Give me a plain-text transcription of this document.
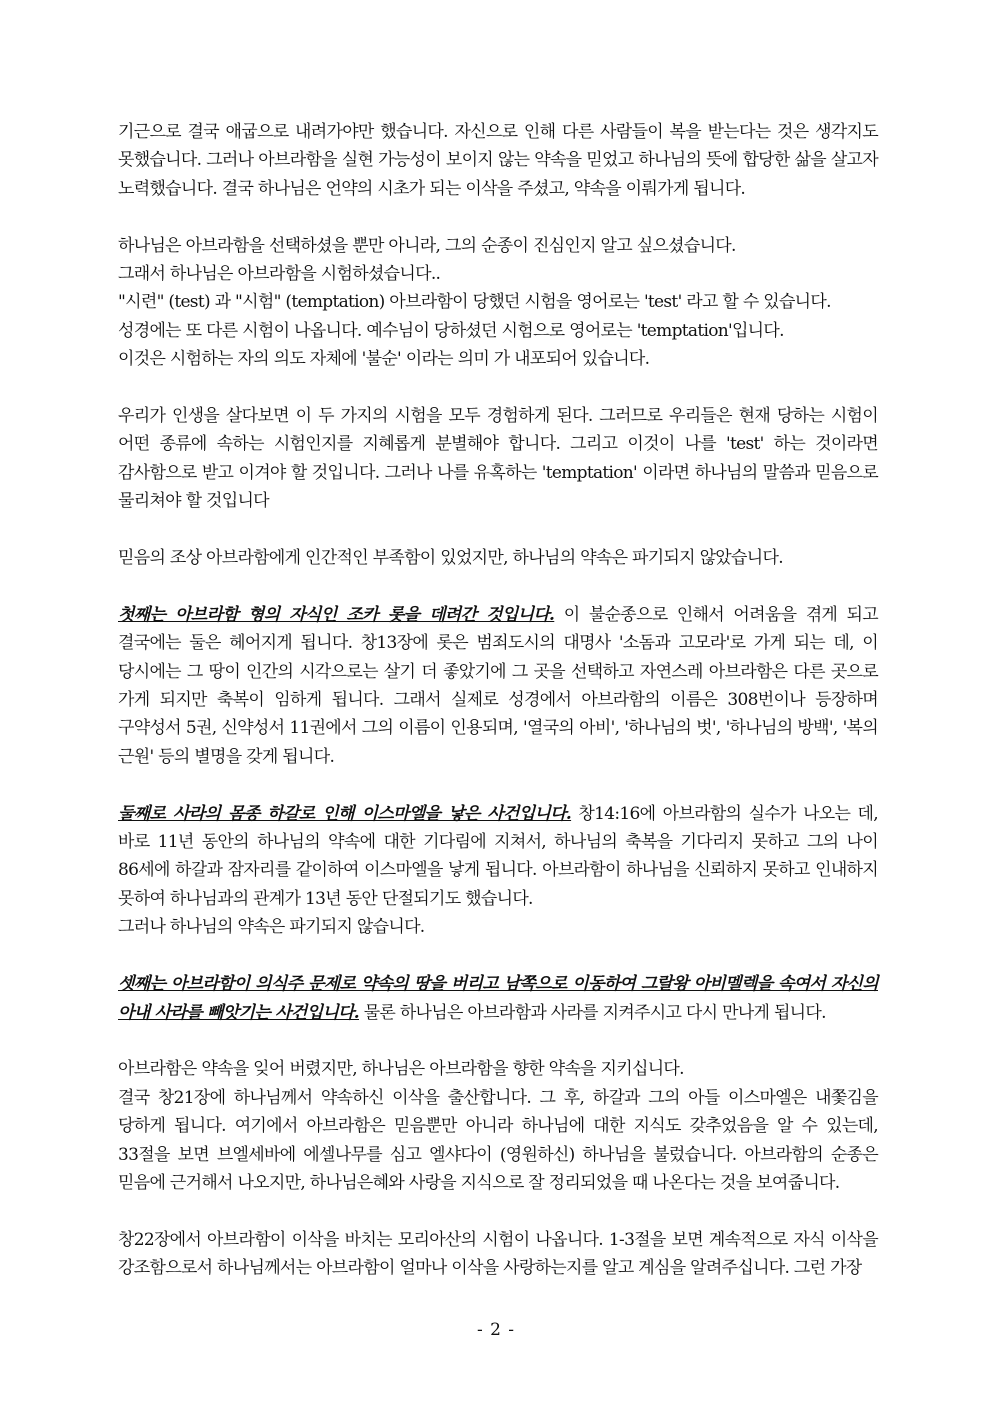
기근으로 결국 애굽으로 내려가야만 했습니다. 자신으로 인해 다른 사람들이 복을 받는다는 것은 생각지도 못했습니다. 그러나 아브라함을 실현 가능성이 보이지 않는 약속을 믿었고 하나님의 뜻에 합당한 삶을 살고자 노력했습니다. 결국 하나님은 언약의 시초가 되는 이삭을 주셨고, 약속을 이뤄가게 됩니다.

하나님은 아브라함을 선택하셨을 뿐만 아니라, 그의 순종이 진심인지 알고 싶으셨습니다.
그래서 하나님은 아브라함을 시험하셨습니다..
"시련" (test) 과 "시험" (temptation) 아브라함이 당했던 시험을 영어로는 'test' 라고 할 수 있습니다.
성경에는 또 다른 시험이 나옵니다. 예수님이 당하셨던 시험으로 영어로는 'temptation'입니다.
이것은 시험하는 자의 의도 자체에 '불순' 이라는 의미 가 내포되어 있습니다.

우리가 인생을 살다보면 이 두 가지의 시험을 모두 경험하게 된다. 그러므로 우리들은 현재 당하는 시험이 어떤 종류에 속하는 시험인지를 지혜롭게 분별해야 합니다. 그리고 이것이 나를 'test' 하는 것이라면 감사함으로 받고 이겨야 할 것입니다. 그러나 나를 유혹하는 'temptation' 이라면 하나님의 말씀과 믿음으로 물리쳐야 할 것입니다

믿음의 조상 아브라함에게 인간적인 부족함이 있었지만, 하나님의 약속은 파기되지 않았습니다.

첫째는 아브라함 형의 자식인 조카 롯을 데려간 것입니다. 이 불순종으로 인해서 어려움을 겪게 되고 결국에는 둘은 헤어지게 됩니다. 창13장에 롯은 범죄도시의 대명사 '소돔과 고모라'로 가게 되는 데, 이 당시에는 그 땅이 인간의 시각으로는 살기 더 좋았기에 그 곳을 선택하고 자연스레 아브라함은 다른 곳으로 가게 되지만 축복이 임하게 됩니다. 그래서 실제로 성경에서 아브라함의 이름은 308번이나 등장하며 구약성서 5권, 신약성서 11권에서 그의 이름이 인용되며, '열국의 아비', '하나님의 벗', '하나님의 방백', '복의 근원' 등의 별명을 갖게 됩니다.

둘째로 사라의 몸종 하갈로 인해 이스마엘을 낳은 사건입니다. 창14:16에 아브라함의 실수가 나오는 데, 바로 11년 동안의 하나님의 약속에 대한 기다림에 지쳐서, 하나님의 축복을 기다리지 못하고 그의 나이 86세에 하갈과 잠자리를 같이하여 이스마엘을 낳게 됩니다. 아브라함이 하나님을 신뢰하지 못하고 인내하지 못하여 하나님과의 관계가 13년 동안 단절되기도 했습니다.
그러나 하나님의 약속은 파기되지 않습니다.

셋째는 아브라함이 의식주 문제로 약속의 땅을 버리고 남쪽으로 이동하여 그랄왕 아비멜렉을 속여서 자신의 아내 사라를 빼앗기는 사건입니다. 물론 하나님은 아브라함과 사라를 지켜주시고 다시 만나게 됩니다.

아브라함은 약속을 잊어 버렸지만, 하나님은 아브라함을 향한 약속을 지키십니다.
결국 창21장에 하나님께서 약속하신 이삭을 출산합니다. 그 후, 하갈과 그의 아들 이스마엘은 내쫓김을 당하게 됩니다. 여기에서 아브라함은 믿음뿐만 아니라 하나님에 대한 지식도 갖추었음을 알 수 있는데, 33절을 보면 브엘세바에 에셀나무를 심고 엘샤다이 (영원하신) 하나님을 불렀습니다. 아브라함의 순종은 믿음에 근거해서 나오지만, 하나님은혜와 사랑을 지식으로 잘 정리되었을 때 나온다는 것을 보여줍니다.

창22장에서 아브라함이 이삭을 바치는 모리아산의 시험이 나옵니다. 1-3절을 보면 계속적으로 자식 이삭을 강조함으로서 하나님께서는 아브라함이 얼마나 이삭을 사랑하는지를 알고 계심을 알려주십니다. 그런 가장

- 2 -
